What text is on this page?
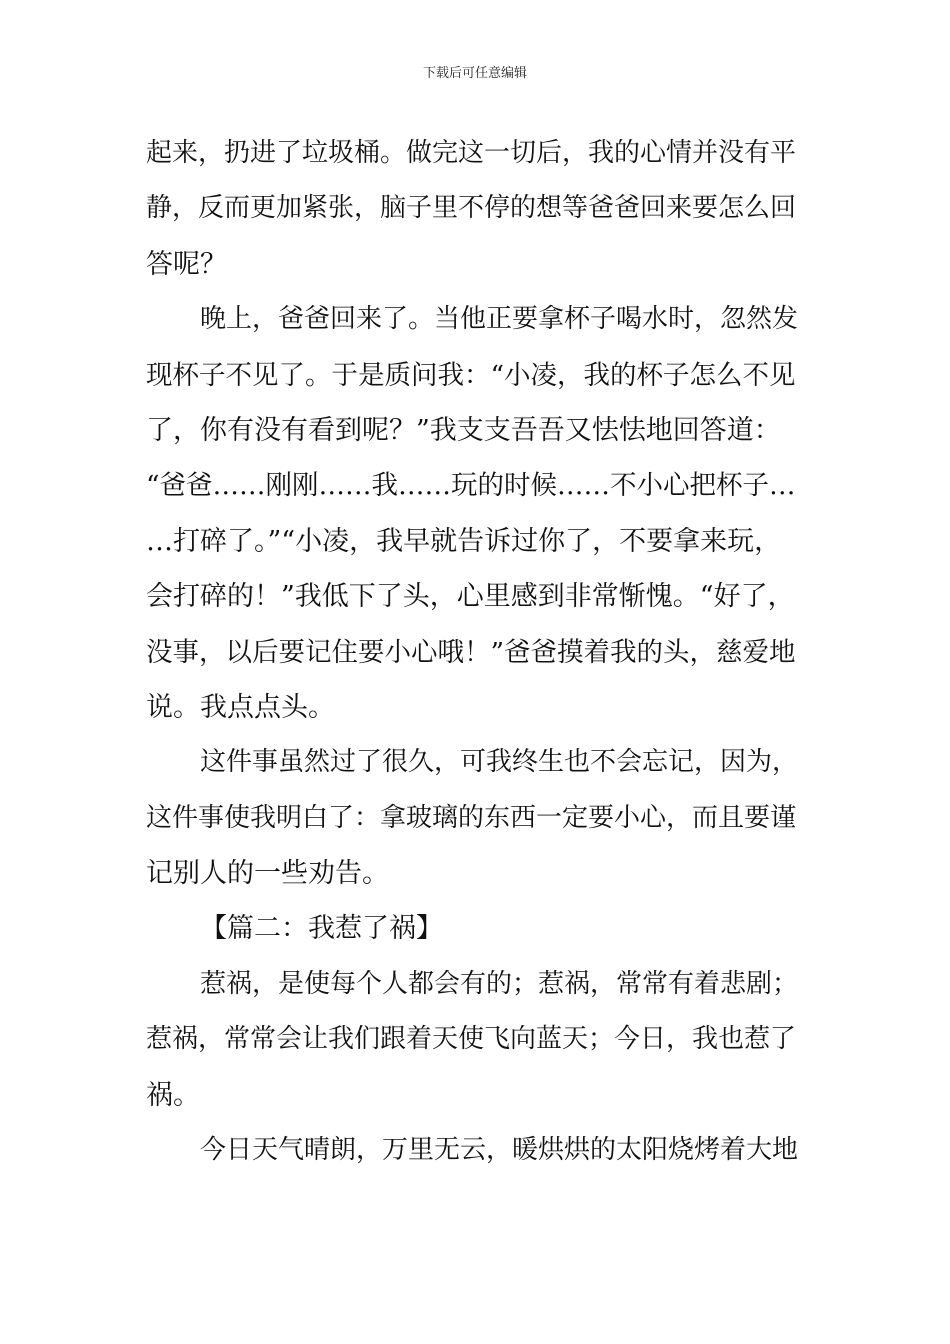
下载后可任意编辑
起来，扔进了垃圾桶。做完这一切后，我的心情并没有平
静，反而更加紧张，脑子里不停的想等爸爸回来要怎么回
答呢？
晚上，爸爸回来了。当他正要拿杯子喝水时，忽然发
现杯子不见了。于是质问我：“小凌，我的杯子怎么不见
了，你有没有看到呢？”我支支吾吾又怯怯地回答道：
“爸爸……刚刚……我……玩的时候……不小心把杯子…
…打碎了。”“小凌，我早就告诉过你了，不要拿来玩，
会打碎的！”我低下了头，心里感到非常惭愧。“好了，
没事，以后要记住要小心哦！”爸爸摸着我的头，慈爱地
说。我点点头。
这件事虽然过了很久，可我终生也不会忘记，因为，
这件事使我明白了：拿玻璃的东西一定要小心，而且要谨
记别人的一些劝告。
【篇二：我惹了祸】
惹祸，是使每个人都会有的；惹祸，常常有着悲剧；
惹祸，常常会让我们跟着天使飞向蓝天；今日，我也惹了
祸。
今日天气晴朗，万里无云，暖烘烘的太阳烧烤着大地
